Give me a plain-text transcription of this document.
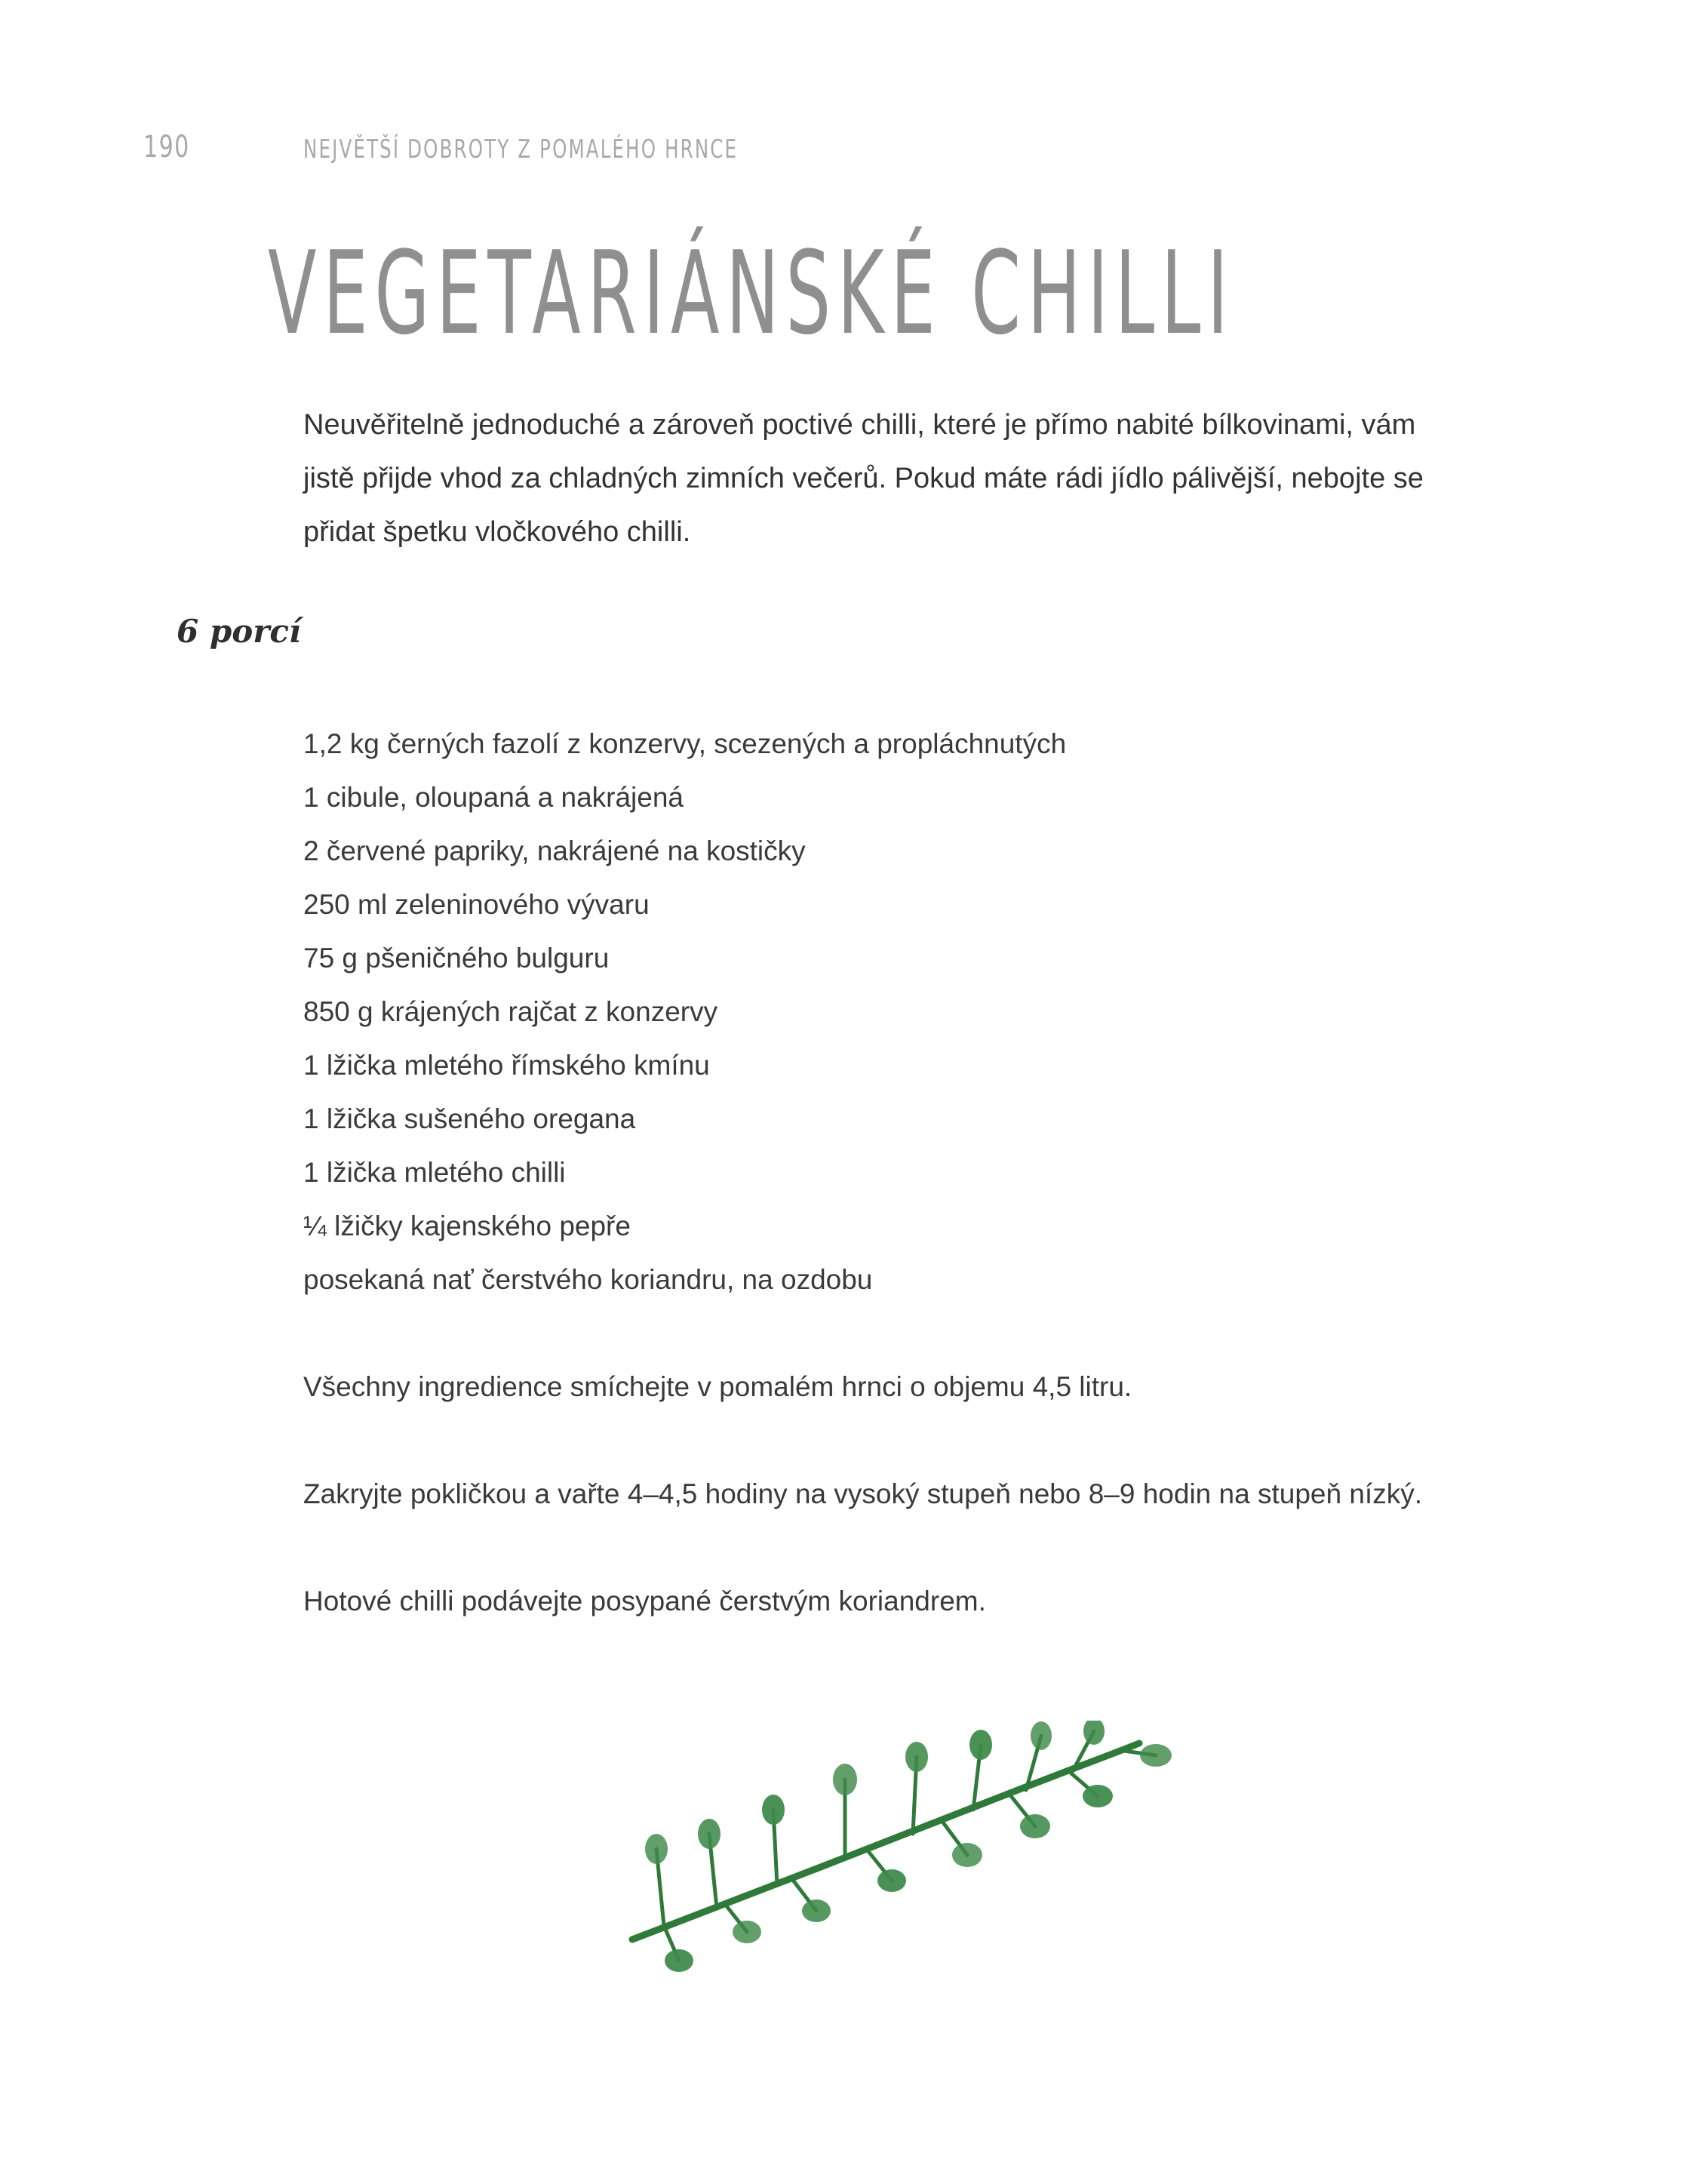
190	NEJVĚTŠÍ DOBROTY Z POMALÉHO HRNCE
VEGETARIÁNSKÉ CHILLI

Neuvěřitelně jednoduché a zároveň poctivé chilli, které je přímo nabité bílkovinami, vám jistě přijde vhod za chladných zimních večerů. Pokud máte rádi jídlo pálivější, nebojte se přidat špetku vločkového chilli.

6 porcí
1,2 kg černých fazolí z konzervy, scezených a propláchnutých
1 cibule, oloupaná a nakrájená
2 červené papriky, nakrájené na kostičky
250 ml zeleninového vývaru
75 g pšeničného bulguru
850 g krájených rajčat z konzervy
1 lžička mletého římského kmínu
1 lžička sušeného oregana
1 lžička mletého chilli
¼ lžičky kajenského pepře
posekaná nať čerstvého koriandru, na ozdobu

Všechny ingredience smíchejte v pomalém hrnci o objemu 4,5 litru.

Zakryjte pokličkou a vařte 4–4,5 hodiny na vysoký stupeň nebo 8–9 hodin na stupeň nízký.

Hotové chilli podávejte posypané čerstvým koriandrem.
